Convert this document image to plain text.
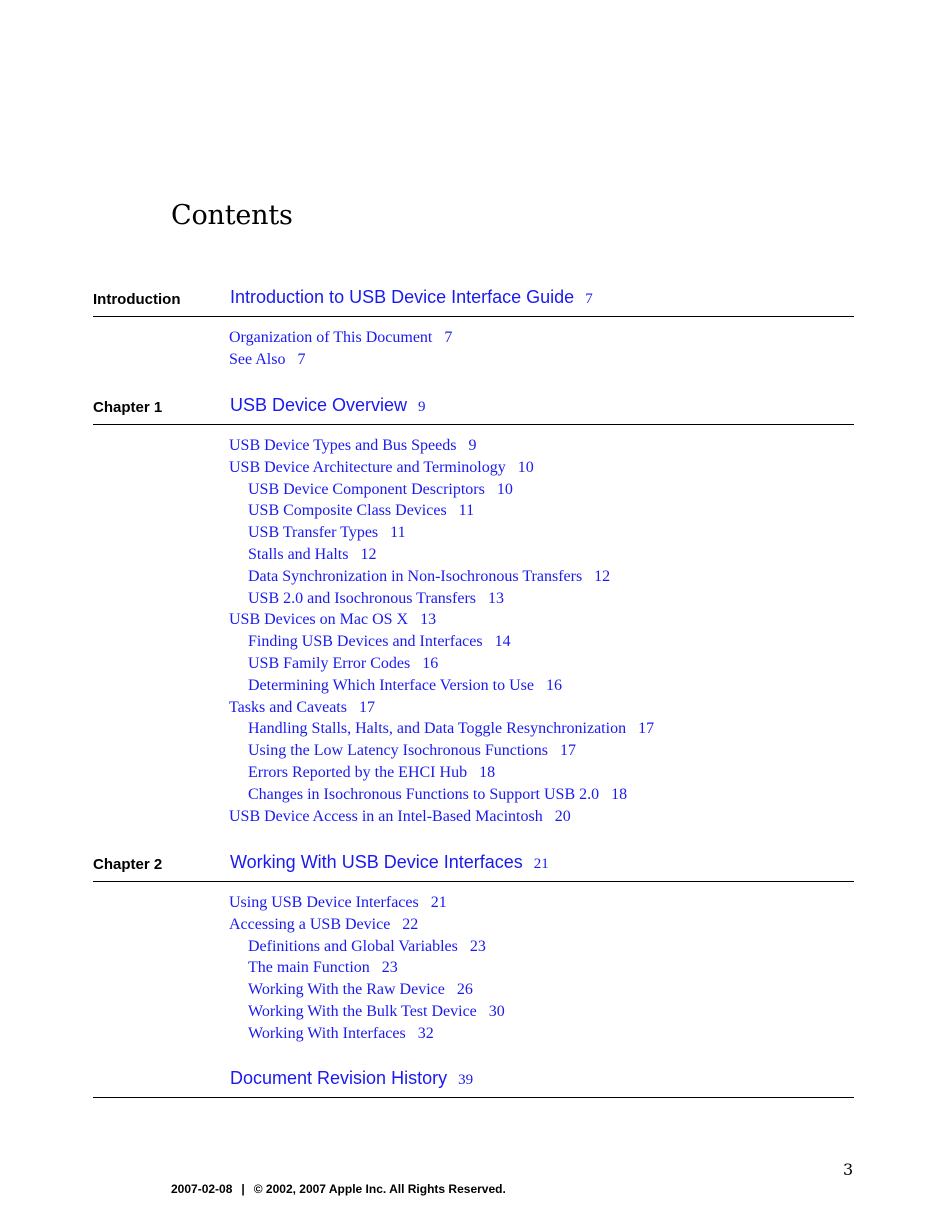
Contents
Introduction	Introduction to USB Device Interface Guide 7
Organization of This Document 7
See Also 7
Chapter 1	USB Device Overview 9
USB Device Types and Bus Speeds 9
USB Device Architecture and Terminology 10
USB Device Component Descriptors 10
USB Composite Class Devices 11
USB Transfer Types 11
Stalls and Halts 12
Data Synchronization in Non-Isochronous Transfers 12
USB 2.0 and Isochronous Transfers 13
USB Devices on Mac OS X 13
Finding USB Devices and Interfaces 14
USB Family Error Codes 16
Determining Which Interface Version to Use 16
Tasks and Caveats 17
Handling Stalls, Halts, and Data Toggle Resynchronization 17
Using the Low Latency Isochronous Functions 17
Errors Reported by the EHCI Hub 18
Changes in Isochronous Functions to Support USB 2.0 18
USB Device Access in an Intel-Based Macintosh 20
Chapter 2	Working With USB Device Interfaces 21
Using USB Device Interfaces 21
Accessing a USB Device 22
Definitions and Global Variables 23
The main Function 23
Working With the Raw Device 26
Working With the Bulk Test Device 30
Working With Interfaces 32
Document Revision History 39
3
2007-02-08 | © 2002, 2007 Apple Inc. All Rights Reserved.
